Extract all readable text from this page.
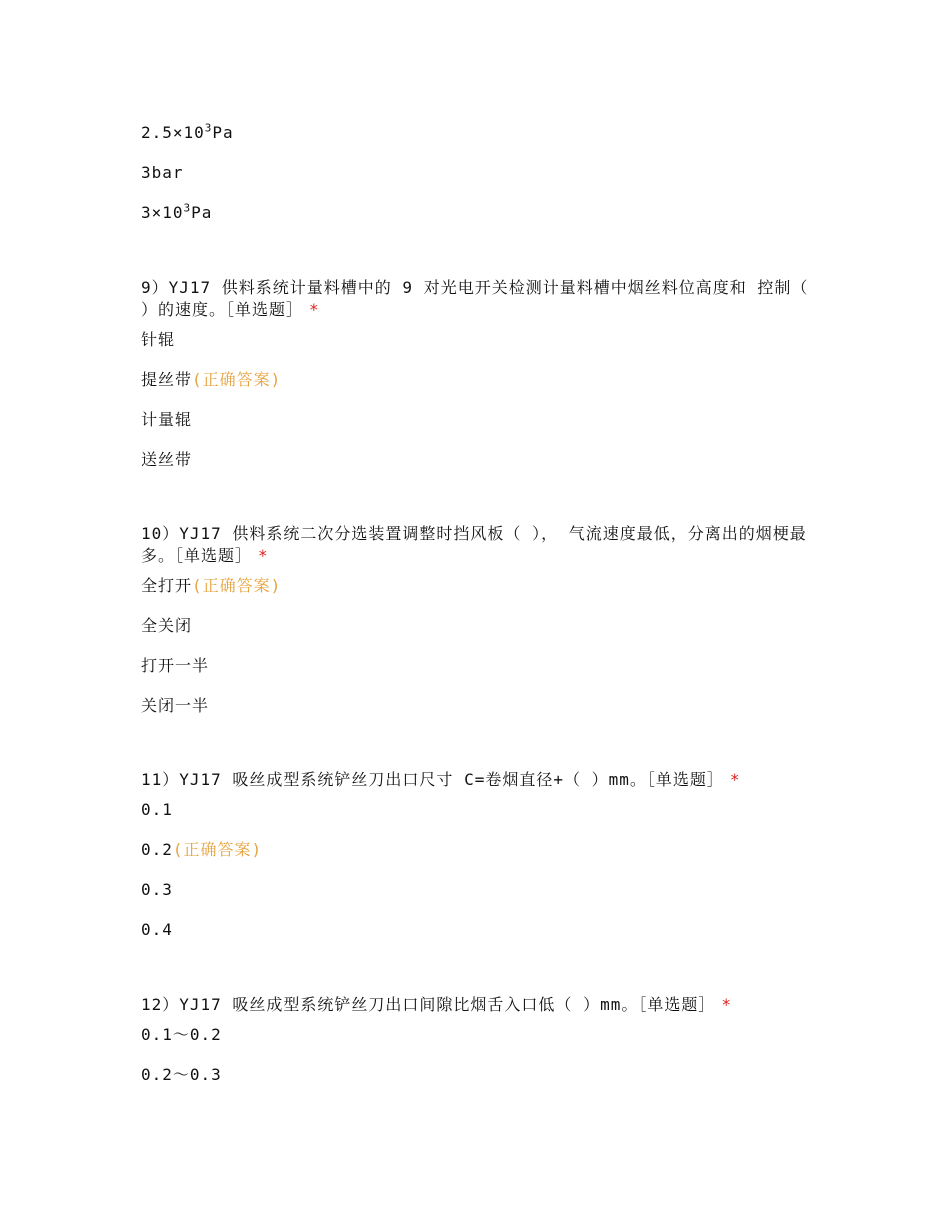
$2.5\times 10^3Pa$
3bar
$3\times 10^3Pa$
9）YJ17 供料系统计量料槽中的 9 对光电开关检测计量料槽中烟丝料位高度和 控制（ ）的速度。［单选题］ *
针辊
提丝带(正确答案)
计量辊
送丝带
10）YJ17 供料系统二次分选装置调整时挡风板（ ）， 气流速度最低，分离出的烟梗最多。［单选题］ *
全打开(正确答案)
全关闭
打开一半
关闭一半
11）YJ17 吸丝成型系统铲丝刀出口尺寸 C=卷烟直径+（ ）mm。［单选题］ *
0.1
0.2(正确答案)
0.3
0.4
12）YJ17 吸丝成型系统铲丝刀出口间隙比烟舌入口低（ ）mm。［单选题］ *
0.1～0.2
0.2～0.3
